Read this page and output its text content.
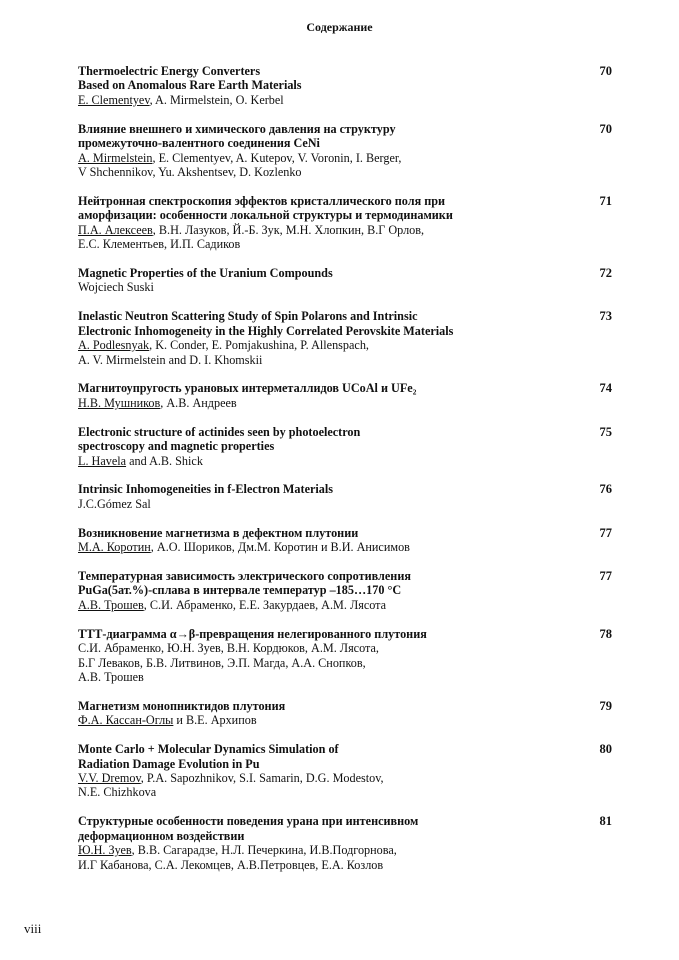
Содержание
Thermoelectric Energy Converters
Based on Anomalous Rare Earth Materials
E. Clementyev, A. Mirmelstein, O. Kerbel
70
Влияние внешнего и химического давления на структуру
промежуточно-валентного соединения CeNi
A. Mirmelstein, E. Clementyev, A. Kutepov, V. Voronin, I. Berger,
V Shchennikov, Yu. Akshentsev, D. Kozlenko
70
Нейтронная спектроскопия эффектов кристаллического поля при
аморфизации: особенности локальной структуры и термодинамики
П.А. Алексеев, В.Н. Лазуков, Й.-Б. Зук, М.Н. Хлопкин, В.Г Орлов,
Е.С. Клементьев, И.П. Садиков
71
Magnetic Properties of the Uranium Compounds
Wojciech Suski
72
Inelastic Neutron Scattering Study of Spin Polarons and Intrinsic
Electronic Inhomogeneity in the Highly Correlated Perovskite Materials
A. Podlesnyak, K. Conder, E. Pomjakushina, P. Allenspach,
A. V. Mirmelstein and D. I. Khomskii
73
Магнитоупругость урановых интерметаллидов UCoAl и UFe₂
Н.В. Мушников, А.В. Андреев
74
Electronic structure of actinides seen by photoelectron
spectroscopy and magnetic properties
L. Havela and A.B. Shick
75
Intrinsic Inhomogeneities in f-Electron Materials
J.C.Gómez Sal
76
Возникновение магнетизма в дефектном плутонии
М.А. Коротин, А.О. Шориков, Дм.М. Коротин и В.И. Анисимов
77
Температурная зависимость электрического сопротивления
PuGa(5ат.%)-сплава в интервале температур –185…170 °С
А.В. Трошев, С.И. Абраменко, Е.Е. Закурдаев, А.М. Лясота
77
ТТТ-диаграмма α→β-превращения нелегированного плутония
С.И. Абраменко, Ю.Н. Зуев, В.Н. Кордюков, А.М. Лясота,
Б.Г Леваков, Б.В. Литвинов, Э.П. Магда, А.А. Снопков,
А.В. Трошев
78
Магнетизм монопниктидов плутония
Ф.А. Кассан-Оглы и В.Е. Архипов
79
Monte Carlo + Molecular Dynamics Simulation of
Radiation Damage Evolution in Pu
V.V. Dremov, P.A. Sapozhnikov, S.I. Samarin, D.G. Modestov,
N.E. Chizhkova
80
Структурные особенности поведения урана при интенсивном
деформационном воздействии
Ю.Н. Зуев, В.В. Сагарадзе, Н.Л. Печеркина, И.В.Подгорнова,
И.Г Кабанова, С.А. Лекомцев, А.В.Петровцев, Е.А. Козлов
81
viii
